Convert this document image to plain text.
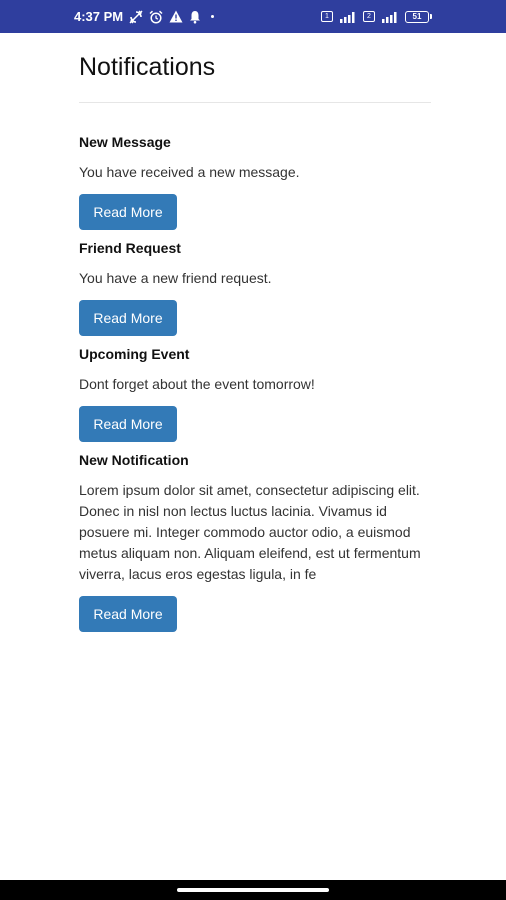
4:37 PM	1	2	51
Notifications
New Message
You have received a new message.
Read More
Friend Request
You have a new friend request.
Read More
Upcoming Event
Dont forget about the event tomorrow!
Read More
New Notification
Lorem ipsum dolor sit amet, consectetur adipiscing elit. Donec in nisl non lectus luctus lacinia. Vivamus id posuere mi. Integer commodo auctor odio, a euismod metus aliquam non. Aliquam eleifend, est ut fermentum viverra, lacus eros egestas ligula, in fe
Read More
